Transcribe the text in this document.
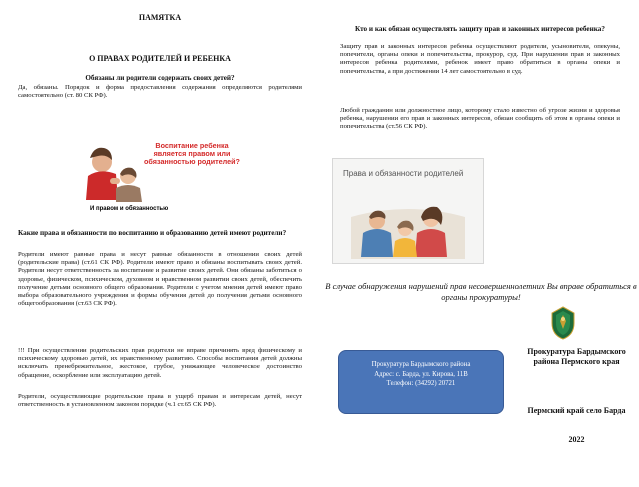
ПАМЯТКА
О ПРАВАХ РОДИТЕЛЕЙ И РЕБЕНКА
Обязаны ли родители содержать своих детей?
Да, обязаны. Порядок и форма предоставления содержания определяются родителями самостоятельно (ст. 80 СК РФ).
Воспитание ребенка является правом или обязанностью родителей?
И правом и обязанностью
Какие права и обязанности по воспитанию и образованию детей имеют родители?
Родители имеют равные права и несут равные обязанности в отношении своих детей (родительские права) (ст.61 СК РФ). Родители имеют право и обязаны воспитывать своих детей. Родители несут ответственность за воспитание и развитие своих детей. Они обязаны заботиться о здоровье, физическом, психическом, духовном и нравственном развитии своих детей, обеспечить получение детьми основного общего образования. Родители с учетом мнения детей имеют право выбора образовательного учреждения и формы обучения детей до получения детьми основного общегообразования (ст.63 СК РФ).
!!! При осуществлении родительских прав родители не вправе причинять вред физическому и психическому здоровью детей, их нравственному развитию. Способы воспитания детей должны исключать пренебрежительное, жестокое, грубое, унижающее человеческое достоинство обращение, оскорбление или эксплуатацию детей.
Родители, осуществляющие родительские права в ущерб правам и интересам детей, несут ответственность в установленном законом порядке (ч.1 ст.65 СК РФ).
Кто и как обязан осуществлять защиту прав и законных интересов ребенка?
Защиту прав и законных интересов ребенка осуществляют родители, усыновители, опекуны, попечители, органы опеки и попечительства, прокурор, суд. При нарушении прав и законных интересов ребенка родителями, ребенок имеет право обратиться в органы опеки и попечительства, а при достижении 14 лет самостоятельно в суд.
Любой гражданин или должностное лицо, которому стало известно об угрозе жизни и здоровья ребенка, нарушении его прав и законных интересов, обязан сообщить об этом в органы опеки и попечительства (ст.56 СК РФ).
В случае обнаружения нарушений прав несовершеннолетних Вы вправе обратиться в органы прокуратуры!
Прокуратура Бардымского района
Адрес: с. Барда, ул. Кирова, 11В
Телефон: (34292) 20721
Прокуратура Бардымского района Пермского края
Пермский край село Барда
2022
